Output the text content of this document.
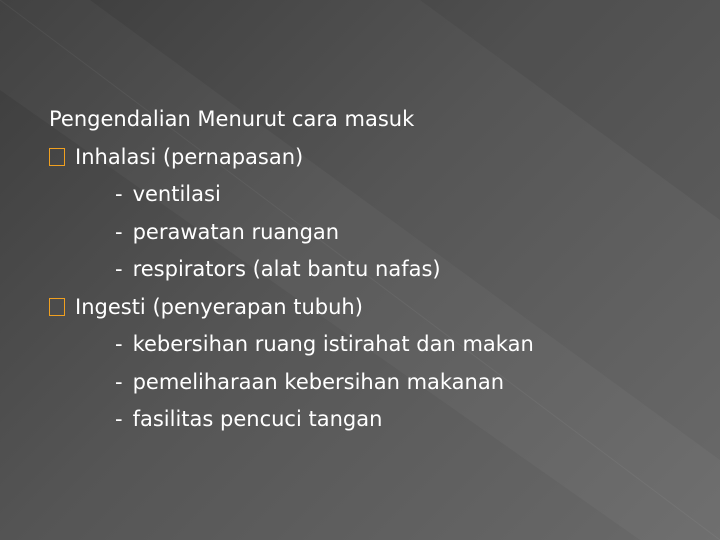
Pengendalian Menurut cara masuk
Inhalasi (pernapasan)
- ventilasi
- perawatan ruangan
- respirators (alat bantu nafas)
Ingesti (penyerapan tubuh)
- kebersihan ruang istirahat dan makan
- pemeliharaan kebersihan makanan
- fasilitas pencuci tangan
